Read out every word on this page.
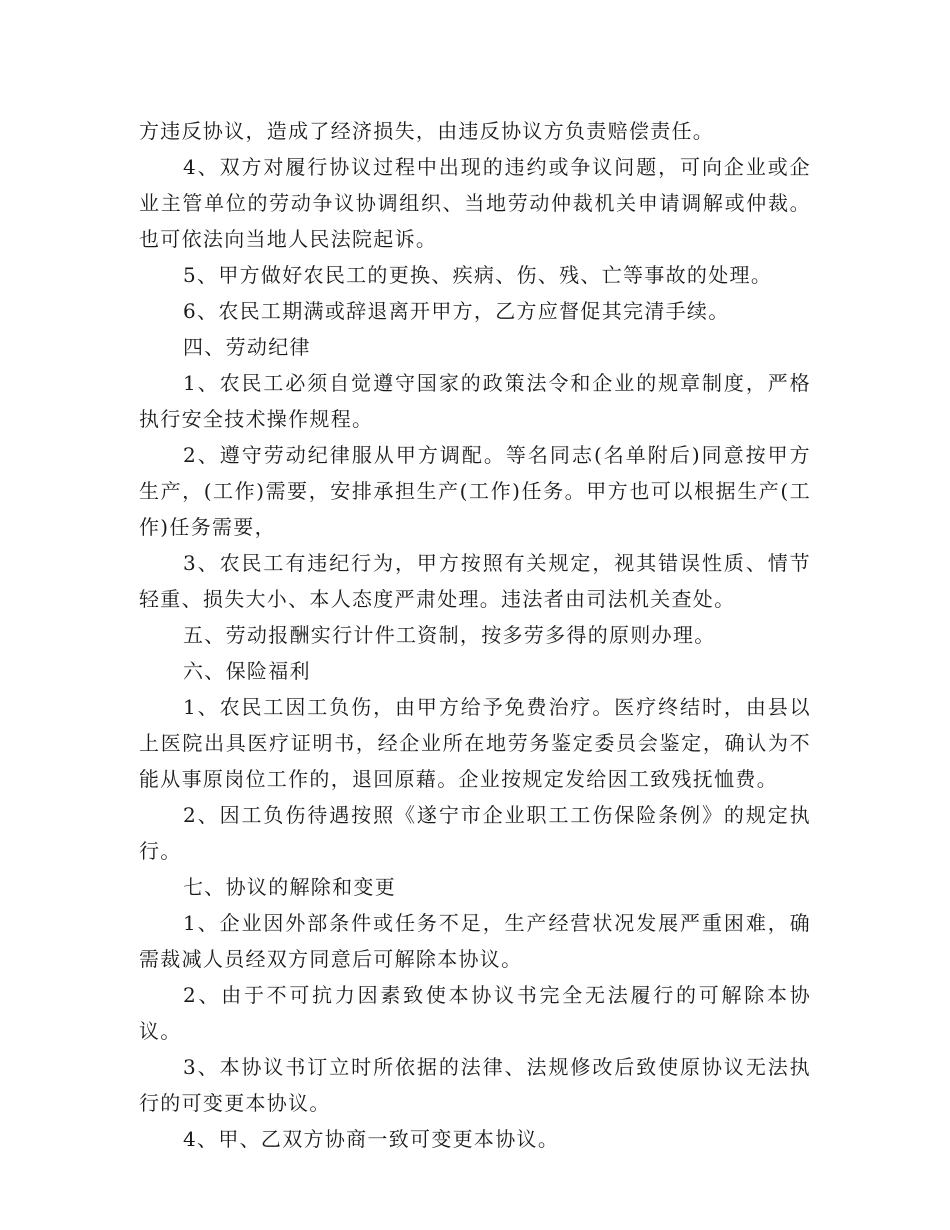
方违反协议，造成了经济损失，由违反协议方负责赔偿责任。

4、双方对履行协议过程中出现的违约或争议问题，可向企业或企业主管单位的劳动争议协调组织、当地劳动仲裁机关申请调解或仲裁。也可依法向当地人民法院起诉。

5、甲方做好农民工的更换、疾病、伤、残、亡等事故的处理。

6、农民工期满或辞退离开甲方，乙方应督促其完清手续。

四、劳动纪律

1、农民工必须自觉遵守国家的政策法令和企业的规章制度，严格执行安全技术操作规程。

2、遵守劳动纪律服从甲方调配。等名同志(名单附后)同意按甲方生产，(工作)需要，安排承担生产(工作)任务。甲方也可以根据生产(工作)任务需要，

3、农民工有违纪行为，甲方按照有关规定，视其错误性质、情节轻重、损失大小、本人态度严肃处理。违法者由司法机关查处。

五、劳动报酬实行计件工资制，按多劳多得的原则办理。

六、保险福利

1、农民工因工负伤，由甲方给予免费治疗。医疗终结时，由县以上医院出具医疗证明书，经企业所在地劳务鉴定委员会鉴定，确认为不能从事原岗位工作的，退回原藉。企业按规定发给因工致残抚恤费。

2、因工负伤待遇按照《遂宁市企业职工工伤保险条例》的规定执行。

七、协议的解除和变更

1、企业因外部条件或任务不足，生产经营状况发展严重困难，确需裁减人员经双方同意后可解除本协议。

2、由于不可抗力因素致使本协议书完全无法履行的可解除本协议。

3、本协议书订立时所依据的法律、法规修改后致使原协议无法执行的可变更本协议。

4、甲、乙双方协商一致可变更本协议。
